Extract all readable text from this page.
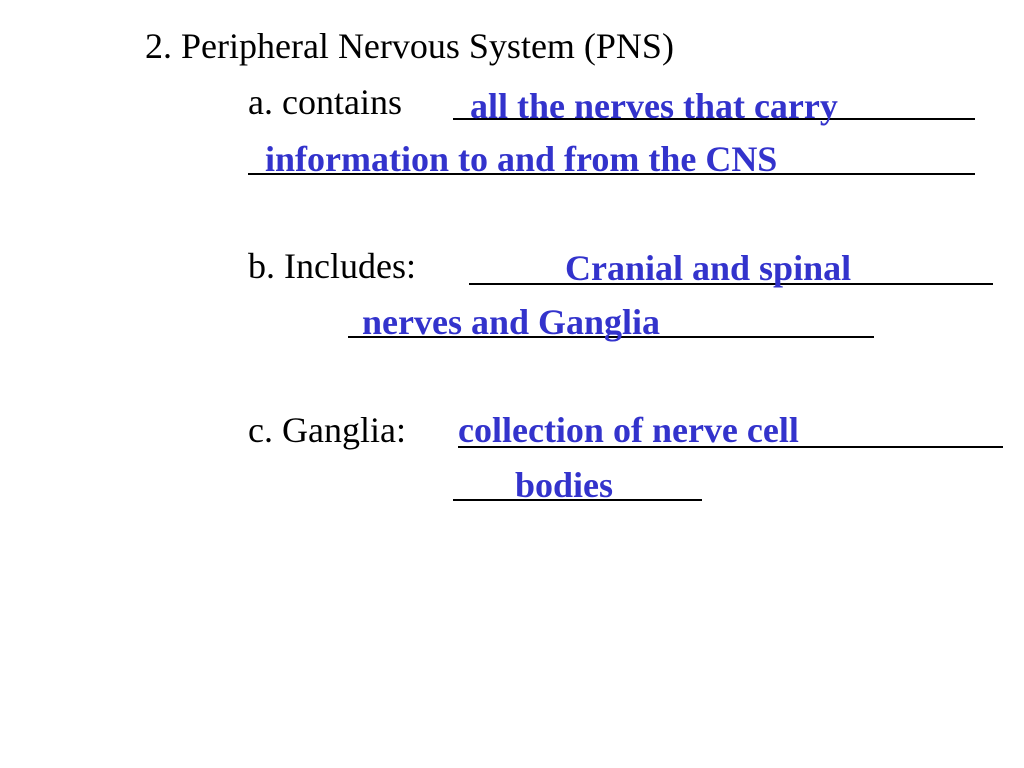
2. Peripheral Nervous System (PNS)
a. contains all the nerves that carry
information to and from the CNS
b. Includes:	Cranial and spinal
nerves and Ganglia
c. Ganglia: collection of nerve cell
bodies
